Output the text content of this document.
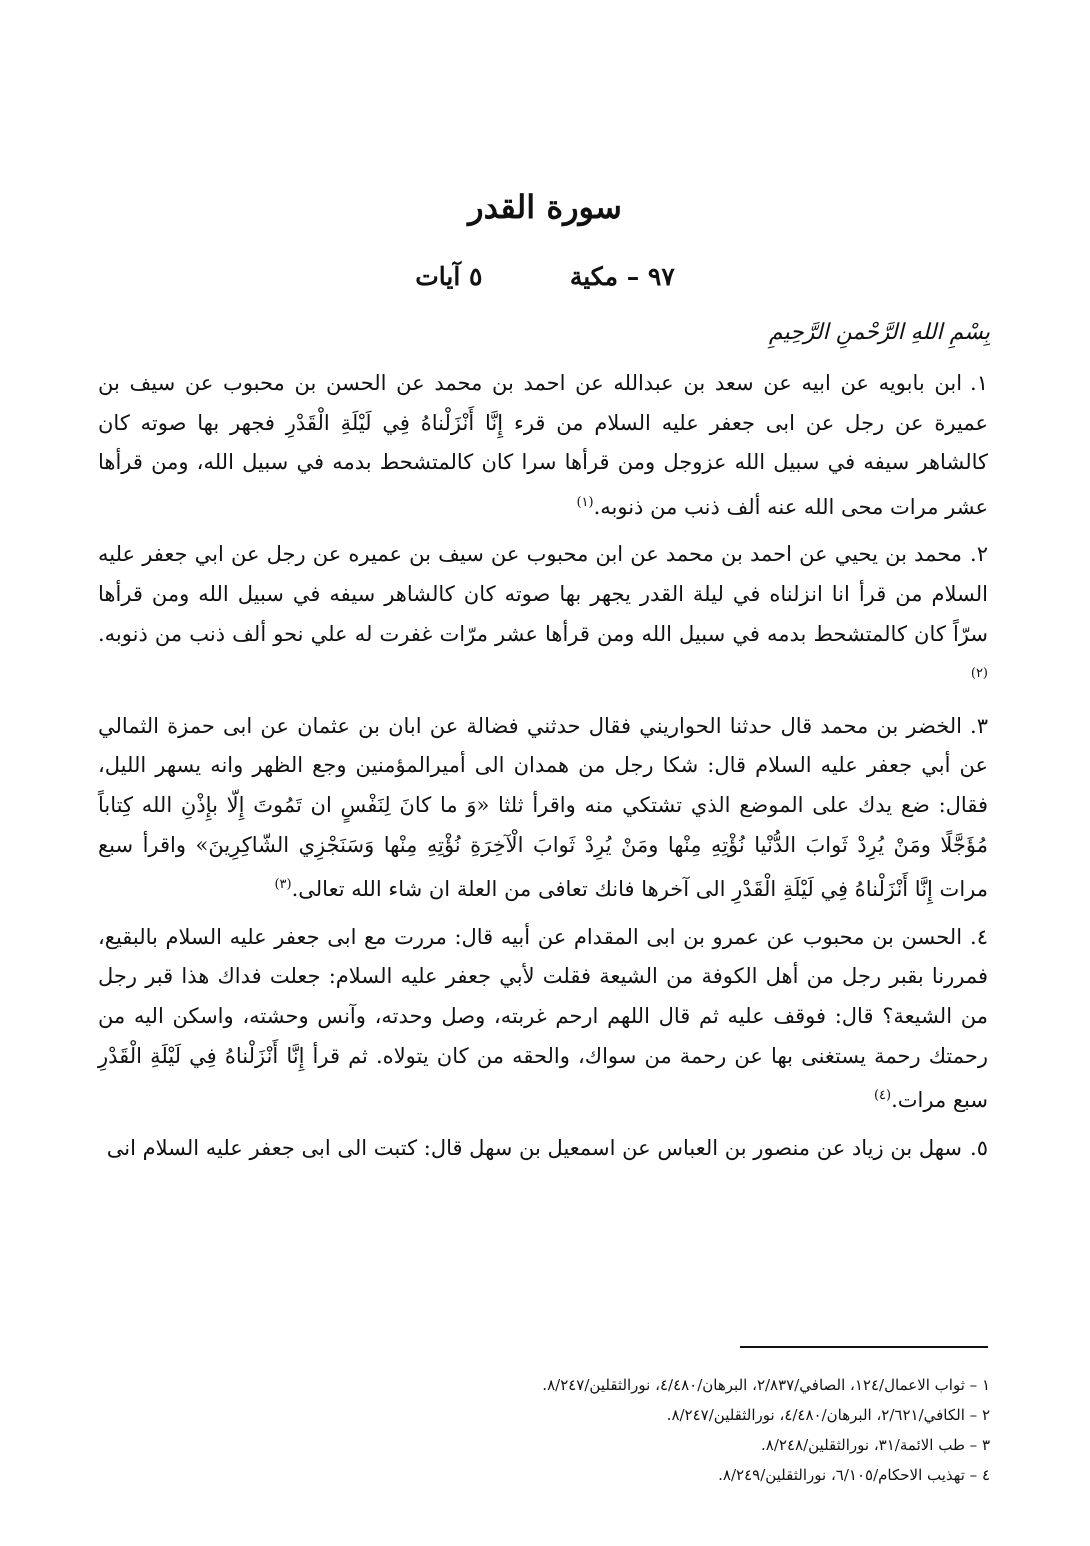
سورة القدر
٩٧ – مكية  ٥ آيات
بِسْمِ اللهِ الرَّحْمنِ الرَّحِيمِ

١.ابن بابويه عن ابيه عن سعد بن عبدالله عن احمد بن محمد عن الحسن بن محبوب عن سيف بن عميرة عن رجل عن ابى جعفر عليه السلام من قرء إِنَّا أَنْزَلْناهُ فِي لَيْلَةِ الْقَدْرِ فجهر بها صوته كان كالشاهر سيفه في سبيل الله عزوجل ومن قرأها سرا كان كالمتشحط بدمه في سبيل الله، ومن قرأها عشر مرات محى الله عنه ألف ذنب من ذنوبه.$^{(١)}$

٢.محمد بن يحيي عن احمد بن محمد عن ابن محبوب عن سيف بن عميره عن رجل عن ابي جعفر عليه السلام من قرأ انا انزلناه في ليلة القدر يجهر بها صوته كان كالشاهر سيفه في سبيل الله ومن قرأها سرّاً كان كالمتشحط بدمه في سبيل الله ومن قرأها عشر مرّات غفرت له علي نحو ألف ذنب من ذنوبه.$^{(٢)}$

٣.الخضر بن محمد قال حدثنا الحواريني فقال حدثني فضالة عن ابان بن عثمان عن ابى حمزة الثمالي عن أبي جعفر عليه السلام قال: شكا رجل من همدان الى أميرالمؤمنين وجع الظهر وانه يسهر الليل، فقال: ضع يدك على الموضع الذي تشتكي منه واقرأ ثلثا «وَ ما كانَ لِنَفْسٍ ان تَمُوتَ إِلّا بإِذْنِ الله كِتاباً مُؤَجَّلًا ومَنْ يُرِدْ ثَوابَ الدُّنْيا نُؤْتِهِ مِنْها ومَنْ يُرِدْ ثَوابَ الْآخِرَةِ نُؤْتِهِ مِنْها وَسَنَجْزِي الشّاكِرِينَ» واقرأ سبع مرات إِنَّا أَنْزَلْناهُ فِي لَيْلَةِ الْقَدْرِ الى آخرها فانك تعافى من العلة ان شاء الله تعالى.$^{(٣)}$

٤.الحسن بن محبوب عن عمرو بن ابى المقدام عن أبيه قال: مررت مع ابى جعفر عليه السلام بالبقيع، فمررنا بقبر رجل من أهل الكوفة من الشيعة فقلت لأبي جعفر عليه السلام: جعلت فداك هذا قبر رجل من الشيعة؟ قال: فوقف عليه ثم قال اللهم ارحم غربته، وصل وحدته، وآنس وحشته، واسكن اليه من رحمتك رحمة يستغنى بها عن رحمة من سواك، والحقه من كان يتولاه. ثم قرأ إِنَّا أَنْزَلْناهُ فِي لَيْلَةِ الْقَدْرِ سبع مرات.$^{(٤)}$

٥.سهل بن زياد عن منصور بن العباس عن اسمعيل بن سهل قال: كتبت الى ابى جعفر عليه السلام انى

١ – ثواب الاعمال/١٢٤، الصافي/٢/٨٣٧، البرهان/٤/٤٨٠، نورالثقلين/٨/٢٤٧.

٢ – الكافي/٢/٦٢١، البرهان/٤/٤٨٠، نورالثقلين/٨/٢٤٧.

٣ – طب الائمة/٣١، نورالثقلين/٨/٢٤٨.

٤ – تهذيب الاحكام/٦/١٠٥، نورالثقلين/٨/٢٤٩.
